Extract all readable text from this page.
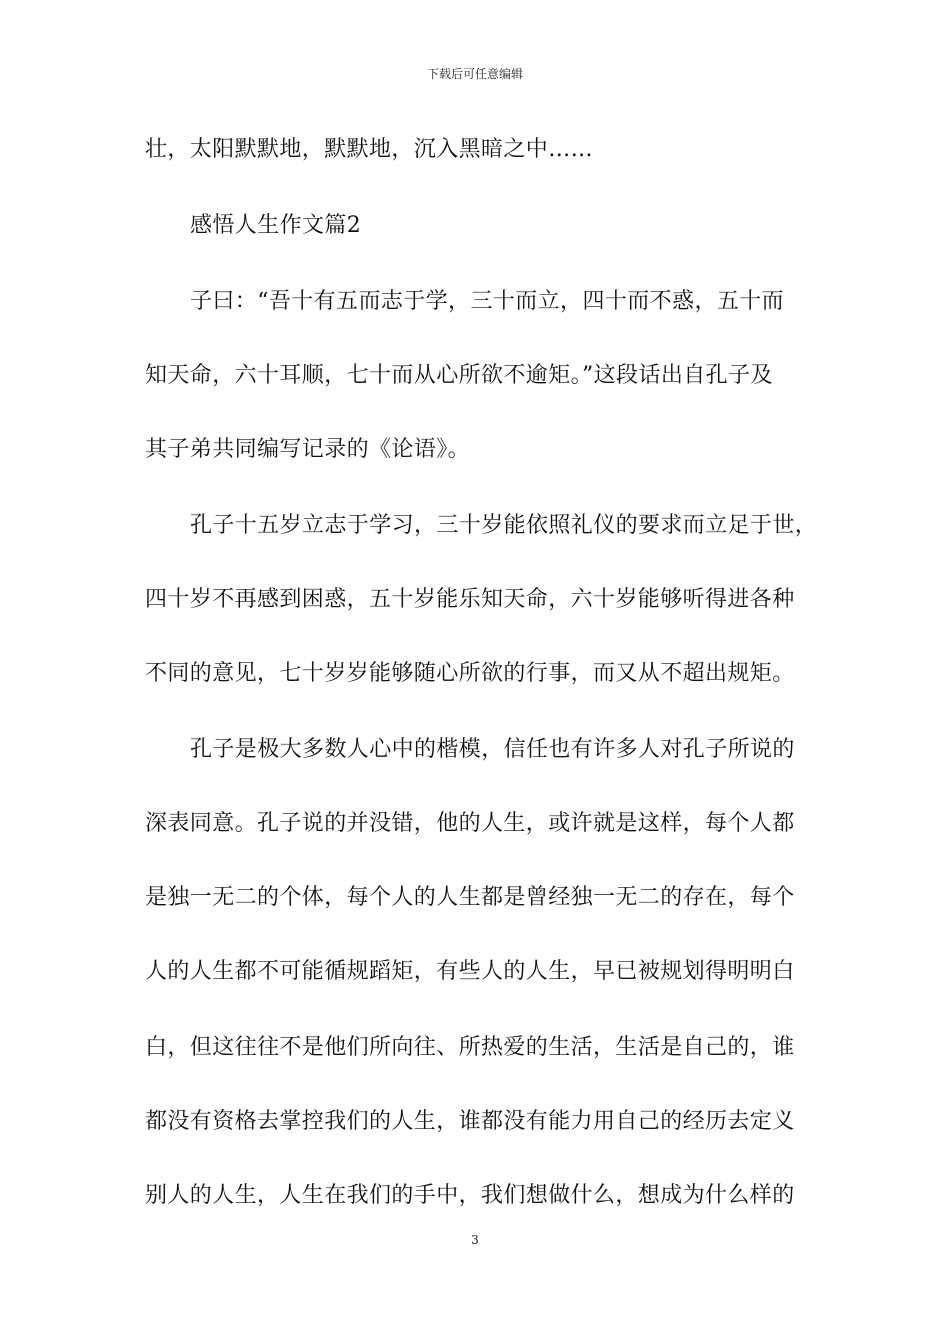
下载后可任意编辑
壮，太阳默默地，默默地，沉入黑暗之中……
感悟人生作文篇2
子曰：“吾十有五而志于学，三十而立，四十而不惑，五十而
知天命，六十耳顺，七十而从心所欲不逾矩。”这段话出自孔子及
其子弟共同编写记录的《论语》。
孔子十五岁立志于学习，三十岁能依照礼仪的要求而立足于世，
四十岁不再感到困惑，五十岁能乐知天命，六十岁能够听得进各种
不同的意见，七十岁岁能够随心所欲的行事，而又从不超出规矩。
孔子是极大多数人心中的楷模，信任也有许多人对孔子所说的
深表同意。孔子说的并没错，他的人生，或许就是这样，每个人都
是独一无二的个体，每个人的人生都是曾经独一无二的存在，每个
人的人生都不可能循规蹈矩，有些人的人生，早已被规划得明明白
白，但这往往不是他们所向往、所热爱的生活，生活是自己的，谁
都没有资格去掌控我们的人生，谁都没有能力用自己的经历去定义
别人的人生，人生在我们的手中，我们想做什么，想成为什么样的
3
